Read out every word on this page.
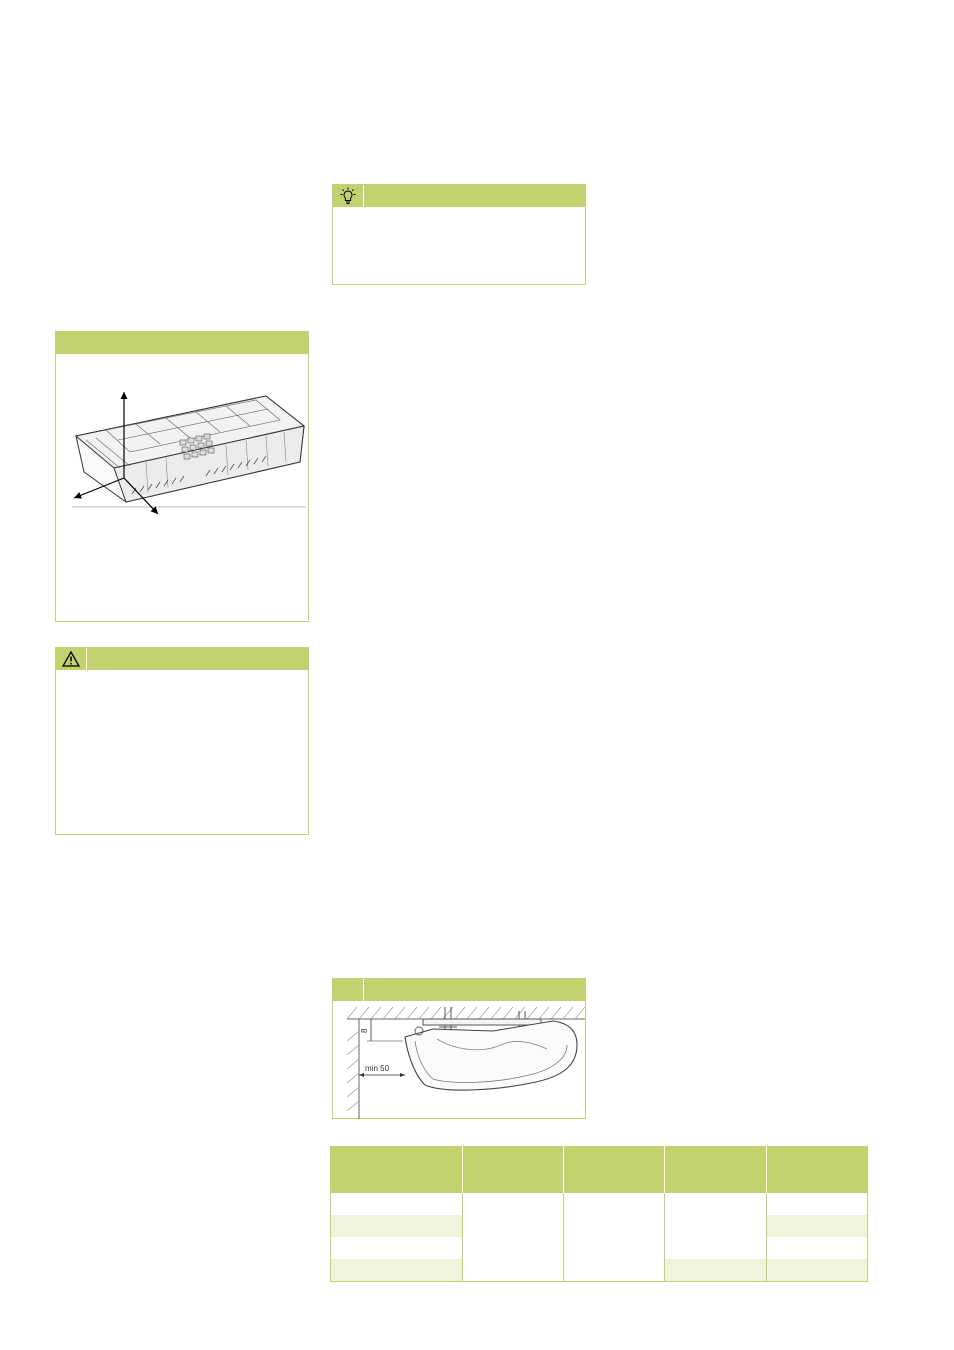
8
min 50
